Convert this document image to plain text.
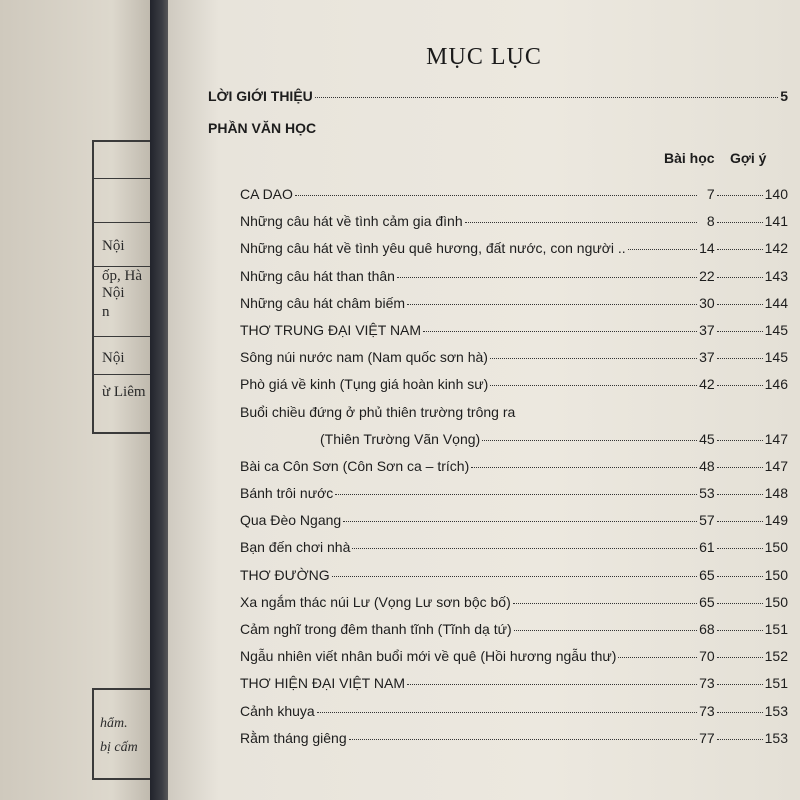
Nội
ốp, Hà Nội
n
Nội
ừ Liêm
hẩm.
bị cấm
MỤC LỤC
LỜI GIỚI THIỆU	5
PHẦN VĂN HỌC
Bài học Gợi ý
CA DAO	7	140
Những câu hát về tình cảm gia đình	8	141
Những câu hát về tình yêu quê hương, đất nước, con người ..	14	142
Những câu hát than thân	22	143
Những câu hát châm biếm	30	144
THƠ TRUNG ĐẠI VIỆT NAM	37	145
Sông núi nước nam (Nam quốc sơn hà)	37	145
Phò giá về kinh (Tụng giá hoàn kinh sư)	42	146
Buổi chiều đứng ở phủ thiên trường trông ra
(Thiên Trường Vãn Vọng)	45	147
Bài ca Côn Sơn (Côn Sơn ca – trích)	48	147
Bánh trôi nước	53	148
Qua Đèo Ngang	57	149
Bạn đến chơi nhà	61	150
THƠ ĐƯỜNG	65	150
Xa ngắm thác núi Lư (Vọng Lư sơn bộc bố)	65	150
Cảm nghĩ trong đêm thanh tĩnh (Tĩnh dạ tứ)	68	151
Ngẫu nhiên viết nhân buổi mới về quê (Hồi hương ngẫu thư)	70	152
THƠ HIỆN ĐẠI VIỆT NAM	73	151
Cảnh khuya	73	153
Rằm tháng giêng	77	153
